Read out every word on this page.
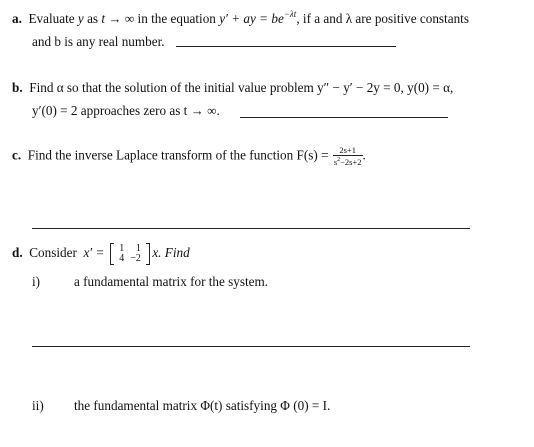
a. Evaluate y as t → ∞ in the equation y′ + ay = $be^{-\lambda t}$, if a and λ are positive constants
and b is any real number.
b. Find α so that the solution of the initial value problem y″ − y′ − 2y = 0, y(0) = α,
y′(0) = 2 approaches zero as t → ∞.
c. Find the inverse Laplace transform of the function $F(s) = \frac{2s+1}{s^2-2s+2}$ .
d. Consider x′ = 1	1
4	−2 x. Find
i)	a fundamental matrix for the system.
ii) the fundamental matrix Φ(t) satisfying Φ (0) = I.
